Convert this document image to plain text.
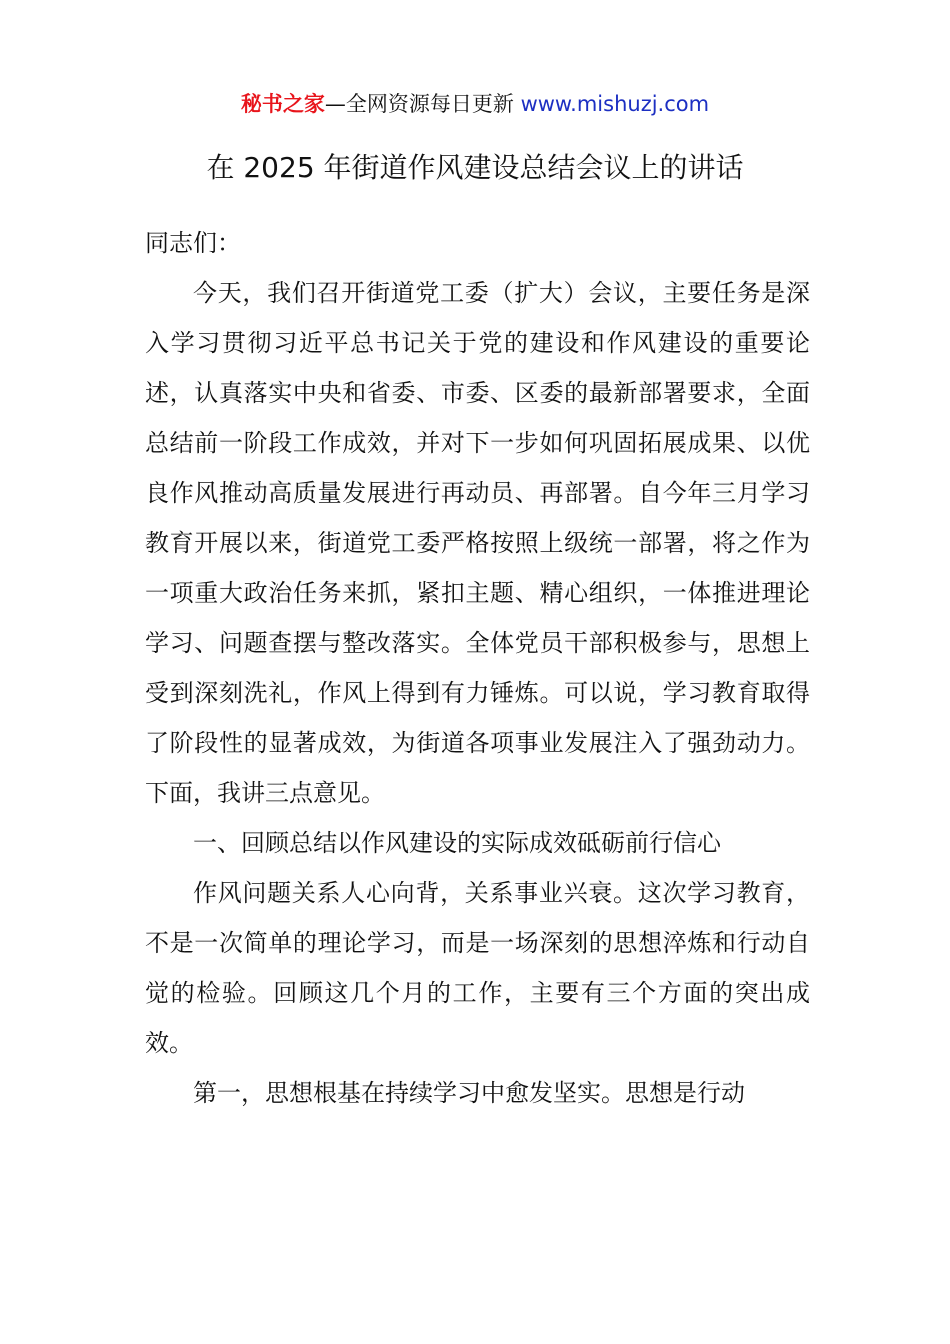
秘书之家—全网资源每日更新 www.mishuzj.com
在 2025 年街道作风建设总结会议上的讲话

同志们：

今天，我们召开街道党工委（扩大）会议，主要任务是深入学习贯彻习近平总书记关于党的建设和作风建设的重要论述，认真落实中央和省委、市委、区委的最新部署要求，全面总结前一阶段工作成效，并对下一步如何巩固拓展成果、以优良作风推动高质量发展进行再动员、再部署。自今年三月学习教育开展以来，街道党工委严格按照上级统一部署，将之作为一项重大政治任务来抓，紧扣主题、精心组织，一体推进理论学习、问题查摆与整改落实。全体党员干部积极参与，思想上受到深刻洗礼，作风上得到有力锤炼。可以说，学习教育取得了阶段性的显著成效，为街道各项事业发展注入了强劲动力。下面，我讲三点意见。

一、回顾总结以作风建设的实际成效砥砺前行信心

作风问题关系人心向背，关系事业兴衰。这次学习教育，不是一次简单的理论学习，而是一场深刻的思想淬炼和行动自觉的检验。回顾这几个月的工作，主要有三个方面的突出成效。

第一，思想根基在持续学习中愈发坚实。思想是行动
